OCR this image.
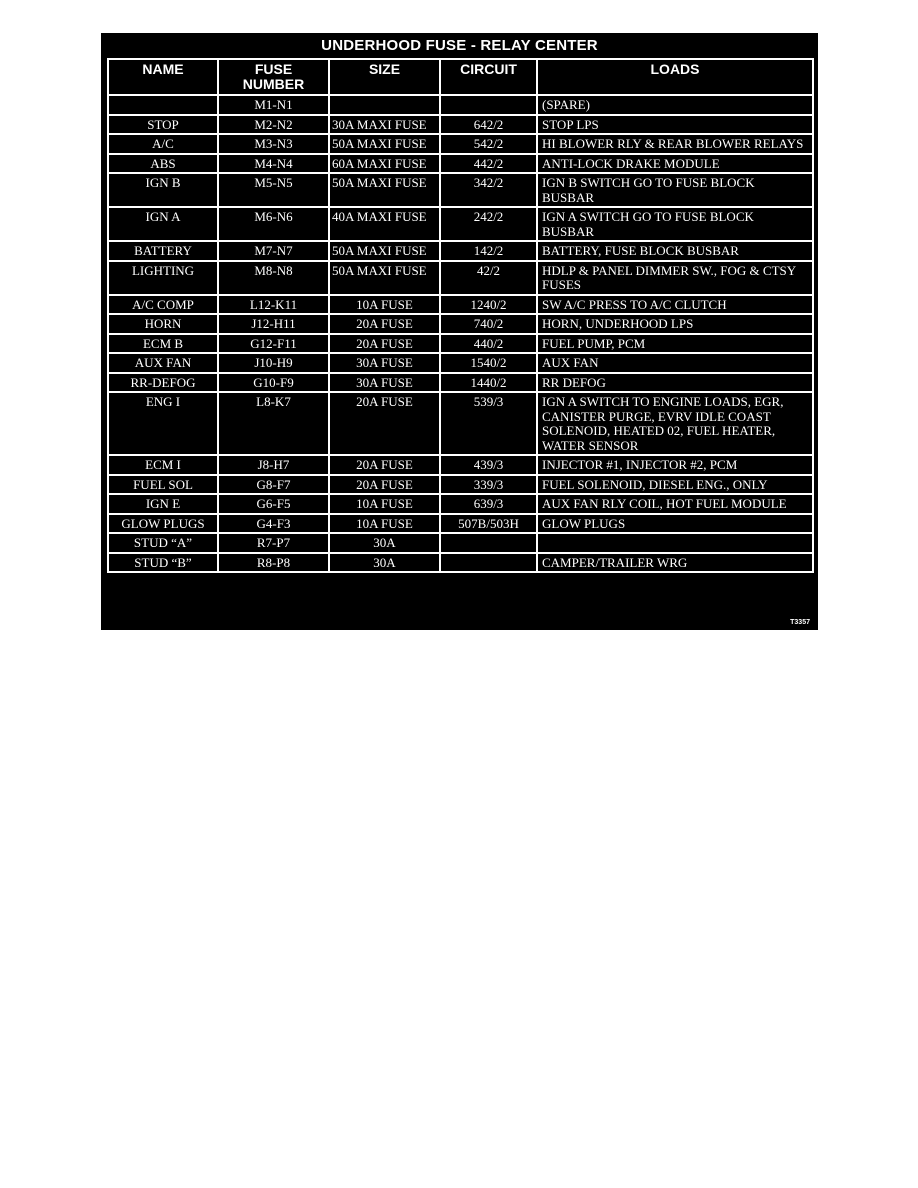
UNDERHOOD FUSE - RELAY CENTER
NAME	FUSE NUMBER	SIZE	CIRCUIT	LOADS
	M1-N1			(SPARE)
STOP	M2-N2	30A MAXI FUSE	642/2	STOP LPS
A/C	M3-N3	50A MAXI FUSE	542/2	HI BLOWER RLY & REAR BLOWER RELAYS
ABS	M4-N4	60A MAXI FUSE	442/2	ANTI-LOCK DRAKE MODULE
IGN B	M5-N5	50A MAXI FUSE	342/2	IGN B SWITCH GO TO FUSE BLOCK BUSBAR
IGN A	M6-N6	40A MAXI FUSE	242/2	IGN A SWITCH GO TO FUSE BLOCK BUSBAR
BATTERY	M7-N7	50A MAXI FUSE	142/2	BATTERY, FUSE BLOCK BUSBAR
LIGHTING	M8-N8	50A MAXI FUSE	42/2	HDLP & PANEL DIMMER SW., FOG & CTSY FUSES
A/C COMP	L12-K11	10A FUSE	1240/2	SW A/C PRESS TO A/C CLUTCH
HORN	J12-H11	20A FUSE	740/2	HORN, UNDERHOOD LPS
ECM B	G12-F11	20A FUSE	440/2	FUEL PUMP, PCM
AUX FAN	J10-H9	30A FUSE	1540/2	AUX FAN
RR-DEFOG	G10-F9	30A FUSE	1440/2	RR DEFOG
ENG I	L8-K7	20A FUSE	539/3	IGN A SWITCH TO ENGINE LOADS, EGR, CANISTER PURGE, EVRV IDLE COAST SOLENOID, HEATED 02, FUEL HEATER, WATER SENSOR
ECM I	J8-H7	20A FUSE	439/3	INJECTOR #1, INJECTOR #2, PCM
FUEL SOL	G8-F7	20A FUSE	339/3	FUEL SOLENOID, DIESEL ENG., ONLY
IGN E	G6-F5	10A FUSE	639/3	AUX FAN RLY COIL, HOT FUEL MODULE
GLOW PLUGS	G4-F3	10A FUSE	507B/503H	GLOW PLUGS
STUD “A”	R7-P7	30A		
STUD “B”	R8-P8	30A		CAMPER/TRAILER WRG
T3357
